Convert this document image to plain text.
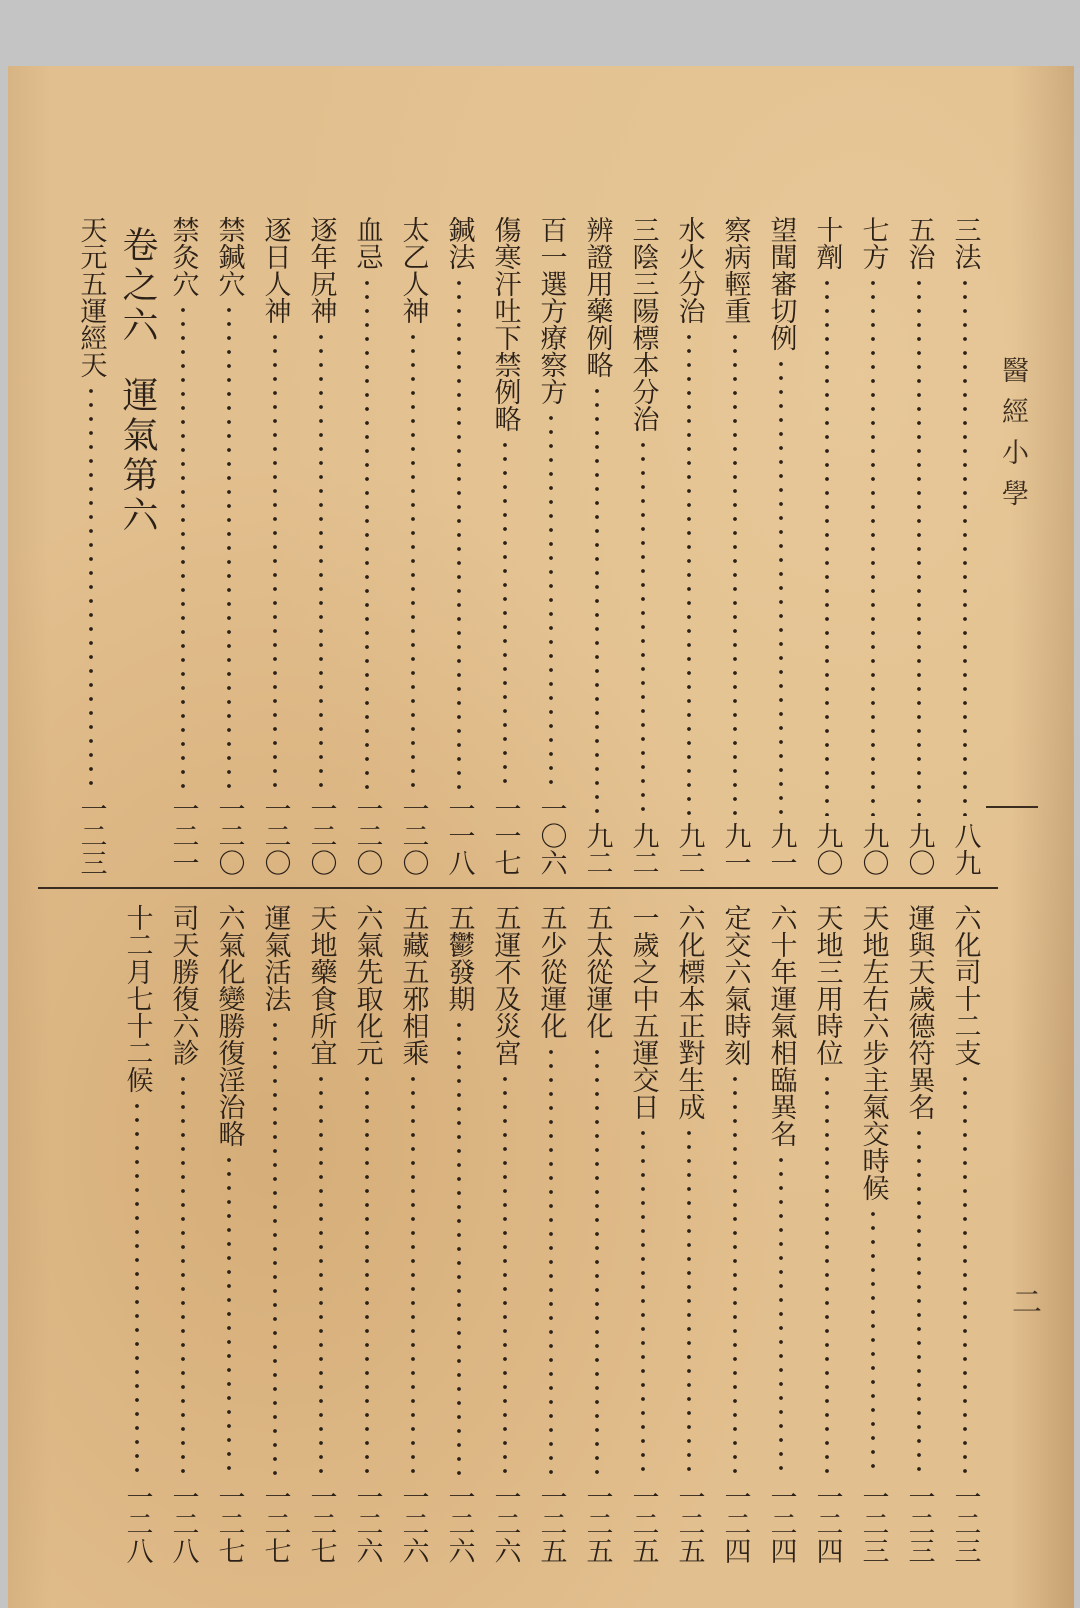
醫經小學
二
三法
八九
五治
九〇
七方
九〇
十劑
九〇
望聞審切例
九一
察病輕重
九一
水火分治
九二
三陰三陽標本分治
九二
辨證用藥例略
九二
百一選方療察方
一〇六
傷寒汗吐下禁例略
一一七
鍼法
一一八
太乙人神
一二〇
血忌
一二〇
逐年尻神
一二〇
逐日人神
一二〇
禁鍼穴
一二〇
禁灸穴
一二一
卷之六運氣第六
天元五運經天
一二三
六化司十二支
一二三
運與天歲德符異名
一二三
天地左右六步主氣交時候
一二三
天地三用時位
一二四
六十年運氣相臨異名
一二四
定交六氣時刻
一二四
六化標本正對生成
一二五
一歲之中五運交日
一二五
五太從運化
一二五
五少從運化
一二五
五運不及災宮
一二六
五鬱發期
一二六
五藏五邪相乘
一二六
六氣先取化元
一二六
天地藥食所宜
一二七
運氣活法
一二七
六氣化變勝復淫治略
一二七
司天勝復六診
一二八
十二月七十二候
一二八
